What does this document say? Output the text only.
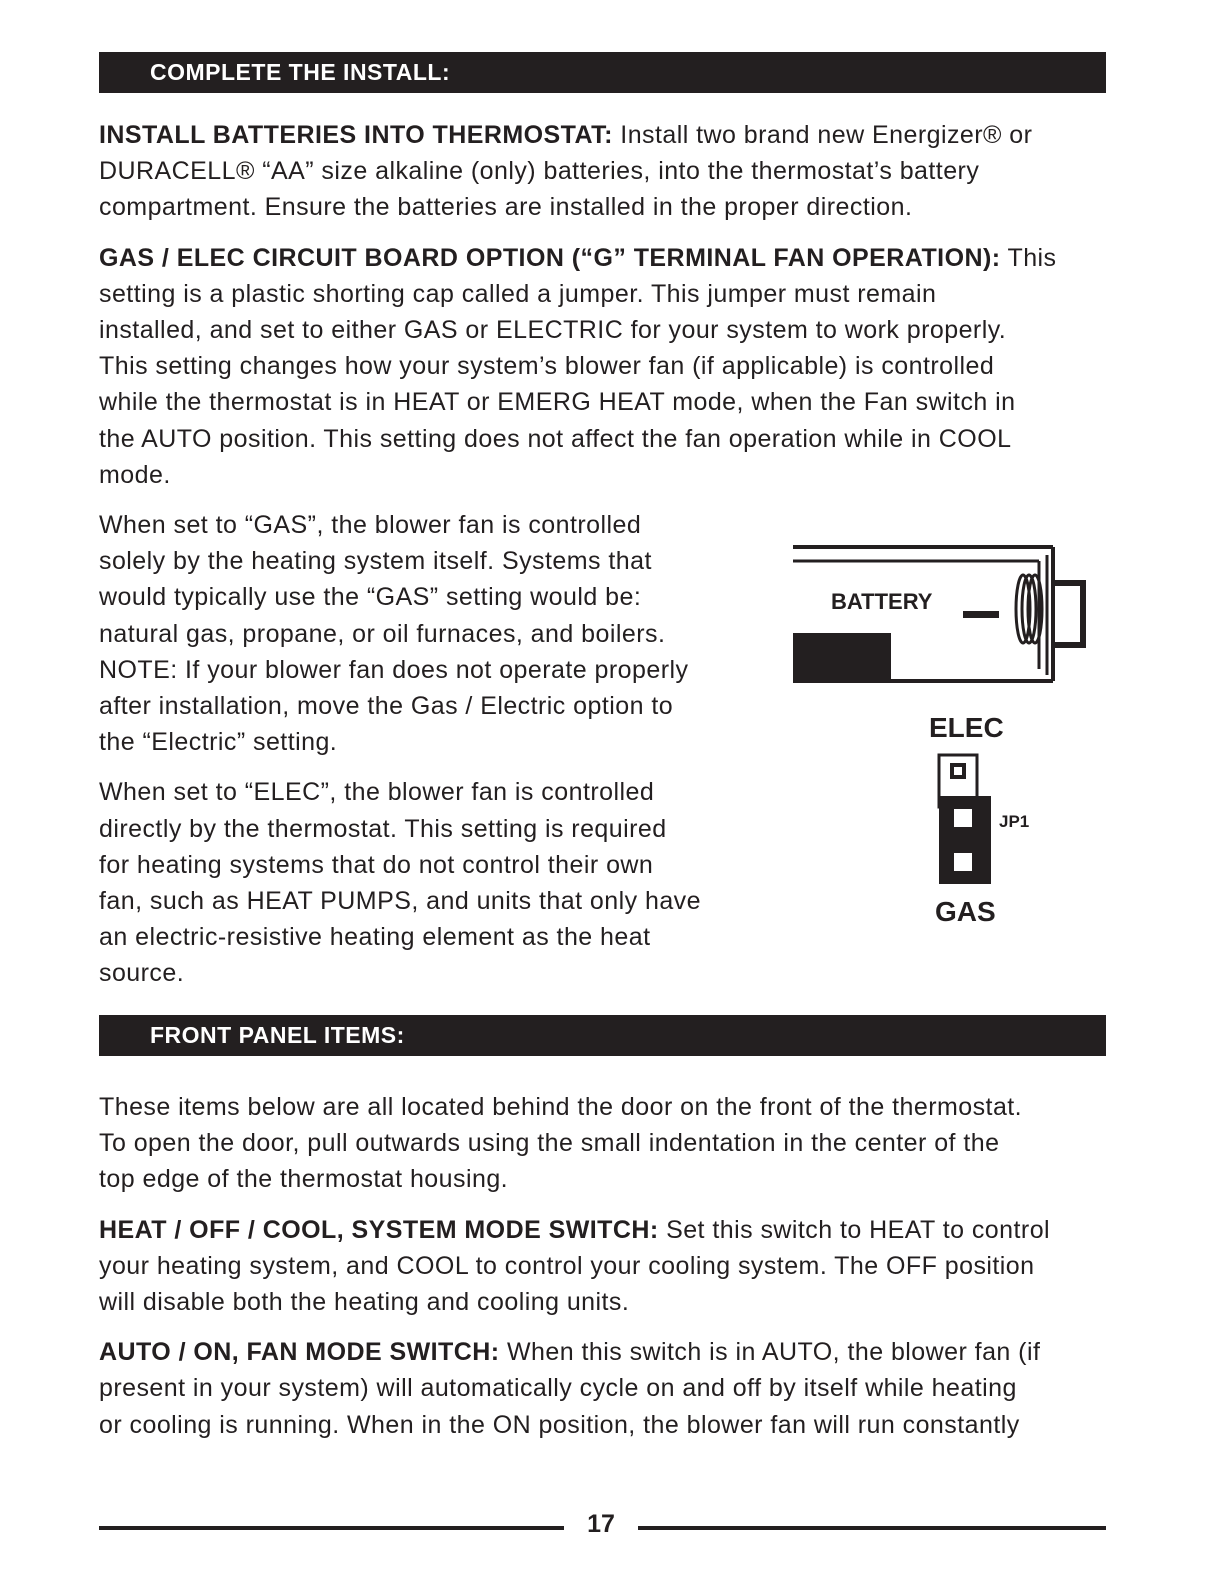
COMPLETE THE INSTALL:

INSTALL BATTERIES INTO THERMOSTAT: Install two brand new Energizer® or
DURACELL® “AA” size alkaline (only) batteries, into the thermostat’s battery
compartment. Ensure the batteries are installed in the proper direction.

GAS / ELEC CIRCUIT BOARD OPTION (“G” TERMINAL FAN OPERATION): This
setting is a plastic shorting cap called a jumper. This jumper must remain
installed, and set to either GAS or ELECTRIC for your system to work properly.
This setting changes how your system’s blower fan (if applicable) is controlled
while the thermostat is in HEAT or EMERG HEAT mode, when the Fan switch in
the AUTO position. This setting does not affect the fan operation while in COOL
mode.

When set to “GAS”, the blower fan is controlled
solely by the heating system itself. Systems that
would typically use the “GAS” setting would be:
natural gas, propane, or oil furnaces, and boilers.
NOTE: If your blower fan does not operate properly
after installation, move the Gas / Electric option to
the “Electric” setting.

When set to “ELEC”, the blower fan is controlled
directly by the thermostat. This setting is required
for heating systems that do not control their own
fan, such as HEAT PUMPS, and units that only have
an electric-resistive heating element as the heat
source.

BATTERY
ELEC
JP1
GAS
FRONT PANEL ITEMS:

These items below are all located behind the door on the front of the thermostat.
To open the door, pull outwards using the small indentation in the center of the
top edge of the thermostat housing.

HEAT / OFF / COOL, SYSTEM MODE SWITCH: Set this switch to HEAT to control
your heating system, and COOL to control your cooling system. The OFF position
will disable both the heating and cooling units.

AUTO / ON, FAN MODE SWITCH: When this switch is in AUTO, the blower fan (if
present in your system) will automatically cycle on and off by itself while heating
or cooling is running. When in the ON position, the blower fan will run constantly

17
